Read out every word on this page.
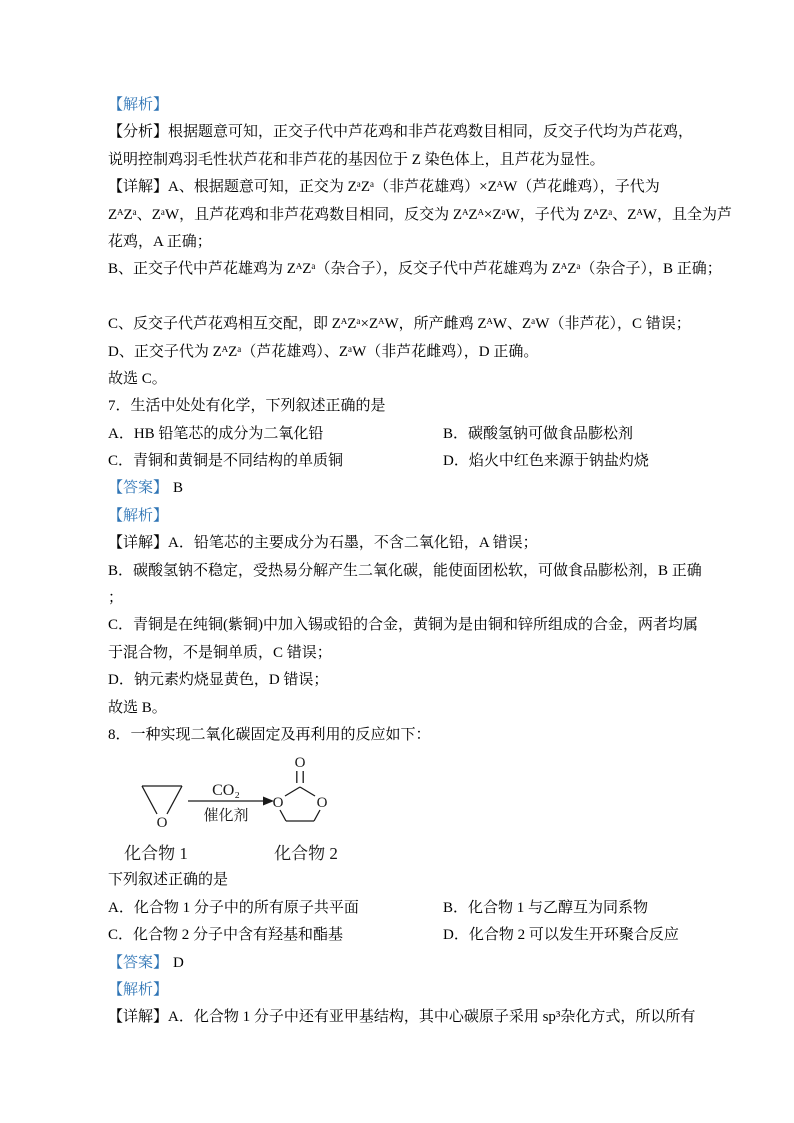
【解析】
【分析】根据题意可知，正交子代中芦花鸡和非芦花鸡数目相同，反交子代均为芦花鸡，
说明控制鸡羽毛性状芦花和非芦花的基因位于 Z 染色体上，且芦花为显性。
【详解】A、根据题意可知，正交为 ZᵃZᵃ（非芦花雄鸡）×ZᴬW（芦花雌鸡），子代为
ZᴬZᵃ、ZᵃW，且芦花鸡和非芦花鸡数目相同，反交为 ZᴬZᴬ×ZᵃW，子代为 ZᴬZᵃ、ZᴬW，且全为芦
花鸡，A 正确；
B、正交子代中芦花雄鸡为 ZᴬZᵃ（杂合子），反交子代中芦花雄鸡为 ZᴬZᵃ（杂合子），B 正确；
C、反交子代芦花鸡相互交配，即 ZᴬZᵃ×ZᴬW，所产雌鸡 ZᴬW、ZᵃW（非芦花），C 错误；
D、正交子代为 ZᴬZᵃ（芦花雄鸡）、ZᵃW（非芦花雌鸡），D 正确。
故选 C。
7．生活中处处有化学，下列叙述正确的是
A．HB 铅笔芯的成分为二氧化铅	B．碳酸氢钠可做食品膨松剂
C．青铜和黄铜是不同结构的单质铜	D．焰火中红色来源于钠盐灼烧
【答案】 B
【解析】
【详解】A．铅笔芯的主要成分为石墨，不含二氧化铅，A 错误；
B．碳酸氢钠不稳定，受热易分解产生二氧化碳，能使面团松软，可做食品膨松剂，B 正确
；
C．青铜是在纯铜(紫铜)中加入锡或铅的合金，黄铜为是由铜和锌所组成的合金，两者均属
于混合物，不是铜单质，C 错误；
D．钠元素灼烧显黄色，D 错误；
故选 B。
8．一种实现二氧化碳固定及再利用的反应如下：
O
CO₂
催化剂
O
O O
化合物 1	化合物 2
下列叙述正确的是
A．化合物 1 分子中的所有原子共平面	B．化合物 1 与乙醇互为同系物
C．化合物 2 分子中含有羟基和酯基	D．化合物 2 可以发生开环聚合反应
【答案】 D
【解析】
【详解】A．化合物 1 分子中还有亚甲基结构，其中心碳原子采用 sp³杂化方式，所以所有
